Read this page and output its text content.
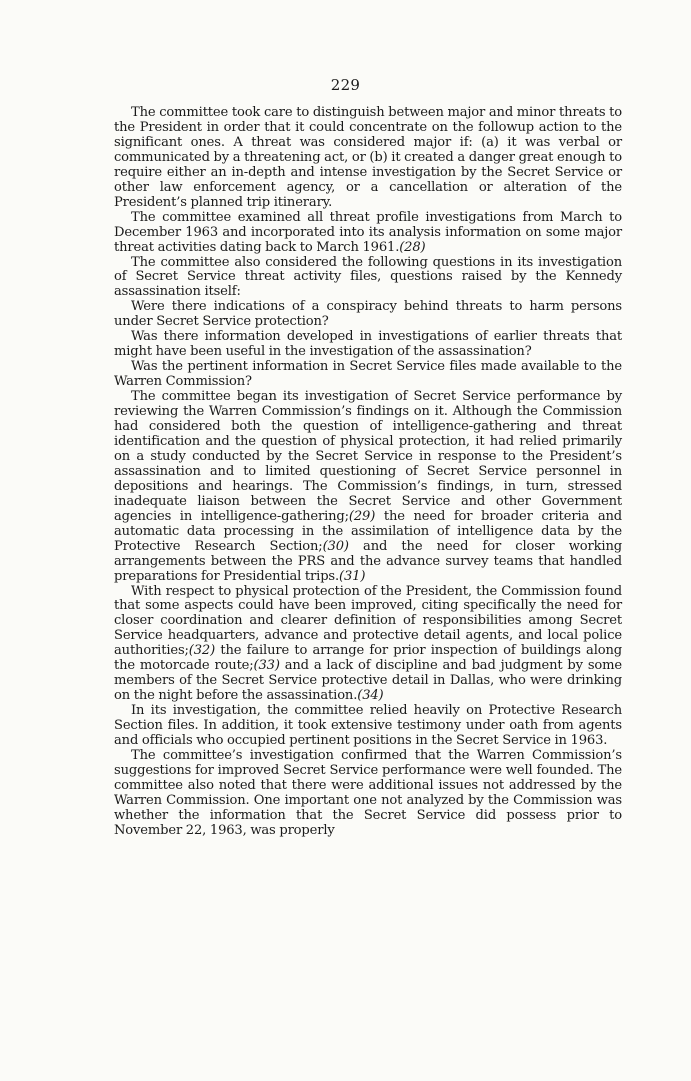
229

The committee took care to distinguish between major and minor threats to the President in order that it could concentrate on the followup action to the significant ones. A threat was considered major if: (a) it was verbal or communicated by a threatening act, or (b) it created a danger great enough to require either an in-depth and intense investigation by the Secret Service or other law enforcement agency, or a cancellation or alteration of the President’s planned trip itinerary.

The committee examined all threat profile investigations from March to December 1963 and incorporated into its analysis information on some major threat activities dating back to March 1961.(28)

The committee also considered the following questions in its investigation of Secret Service threat activity files, questions raised by the Kennedy assassination itself:

Were there indications of a conspiracy behind threats to harm persons under Secret Service protection?

Was there information developed in investigations of earlier threats that might have been useful in the investigation of the assassination?

Was the pertinent information in Secret Service files made available to the Warren Commission?

The committee began its investigation of Secret Service performance by reviewing the Warren Commission’s findings on it. Although the Commission had considered both the question of intelligence-gathering and threat identification and the question of physical protection, it had relied primarily on a study conducted by the Secret Service in response to the President’s assassination and to limited questioning of Secret Service personnel in depositions and hearings. The Commission’s findings, in turn, stressed inadequate liaison between the Secret Service and other Government agencies in intelligence-gathering;(29) the need for broader criteria and automatic data processing in the assimilation of intelligence data by the Protective Research Section;(30) and the need for closer working arrangements between the PRS and the advance survey teams that handled preparations for Presidential trips.(31)

With respect to physical protection of the President, the Commission found that some aspects could have been improved, citing specifically the need for closer coordination and clearer definition of responsibilities among Secret Service headquarters, advance and protective detail agents, and local police authorities;(32) the failure to arrange for prior inspection of buildings along the motorcade route;(33) and a lack of discipline and bad judgment by some members of the Secret Service protective detail in Dallas, who were drinking on the night before the assassination.(34)

In its investigation, the committee relied heavily on Protective Research Section files. In addition, it took extensive testimony under oath from agents and officials who occupied pertinent positions in the Secret Service in 1963.

The committee’s investigation confirmed that the Warren Commission’s suggestions for improved Secret Service performance were well founded. The committee also noted that there were additional issues not addressed by the Warren Commission. One important one not analyzed by the Commission was whether the information that the Secret Service did possess prior to November 22, 1963, was properly
